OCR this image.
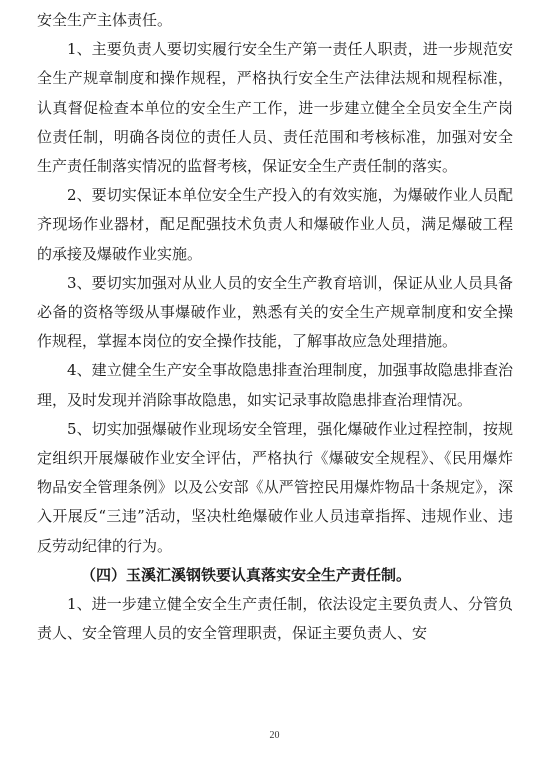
安全生产主体责任。

1、主要负责人要切实履行安全生产第一责任人职责，进一步规范安全生产规章制度和操作规程，严格执行安全生产法律法规和规程标准，认真督促检查本单位的安全生产工作，进一步建立健全全员安全生产岗位责任制，明确各岗位的责任人员、责任范围和考核标准，加强对安全生产责任制落实情况的监督考核，保证安全生产责任制的落实。

2、要切实保证本单位安全生产投入的有效实施，为爆破作业人员配齐现场作业器材，配足配强技术负责人和爆破作业人员，满足爆破工程的承接及爆破作业实施。

3、要切实加强对从业人员的安全生产教育培训，保证从业人员具备必备的资格等级从事爆破作业，熟悉有关的安全生产规章制度和安全操作规程，掌握本岗位的安全操作技能，了解事故应急处理措施。

4、建立健全生产安全事故隐患排查治理制度，加强事故隐患排查治理，及时发现并消除事故隐患，如实记录事故隐患排查治理情况。

5、切实加强爆破作业现场安全管理，强化爆破作业过程控制，按规定组织开展爆破作业安全评估，严格执行《爆破安全规程》、《民用爆炸物品安全管理条例》以及公安部《从严管控民用爆炸物品十条规定》，深入开展反“三违”活动，坚决杜绝爆破作业人员违章指挥、违规作业、违反劳动纪律的行为。

（四）玉溪汇溪钢铁要认真落实安全生产责任制。

1、进一步建立健全安全生产责任制，依法设定主要负责人、分管负责人、安全管理人员的安全管理职责，保证主要负责人、安

20
